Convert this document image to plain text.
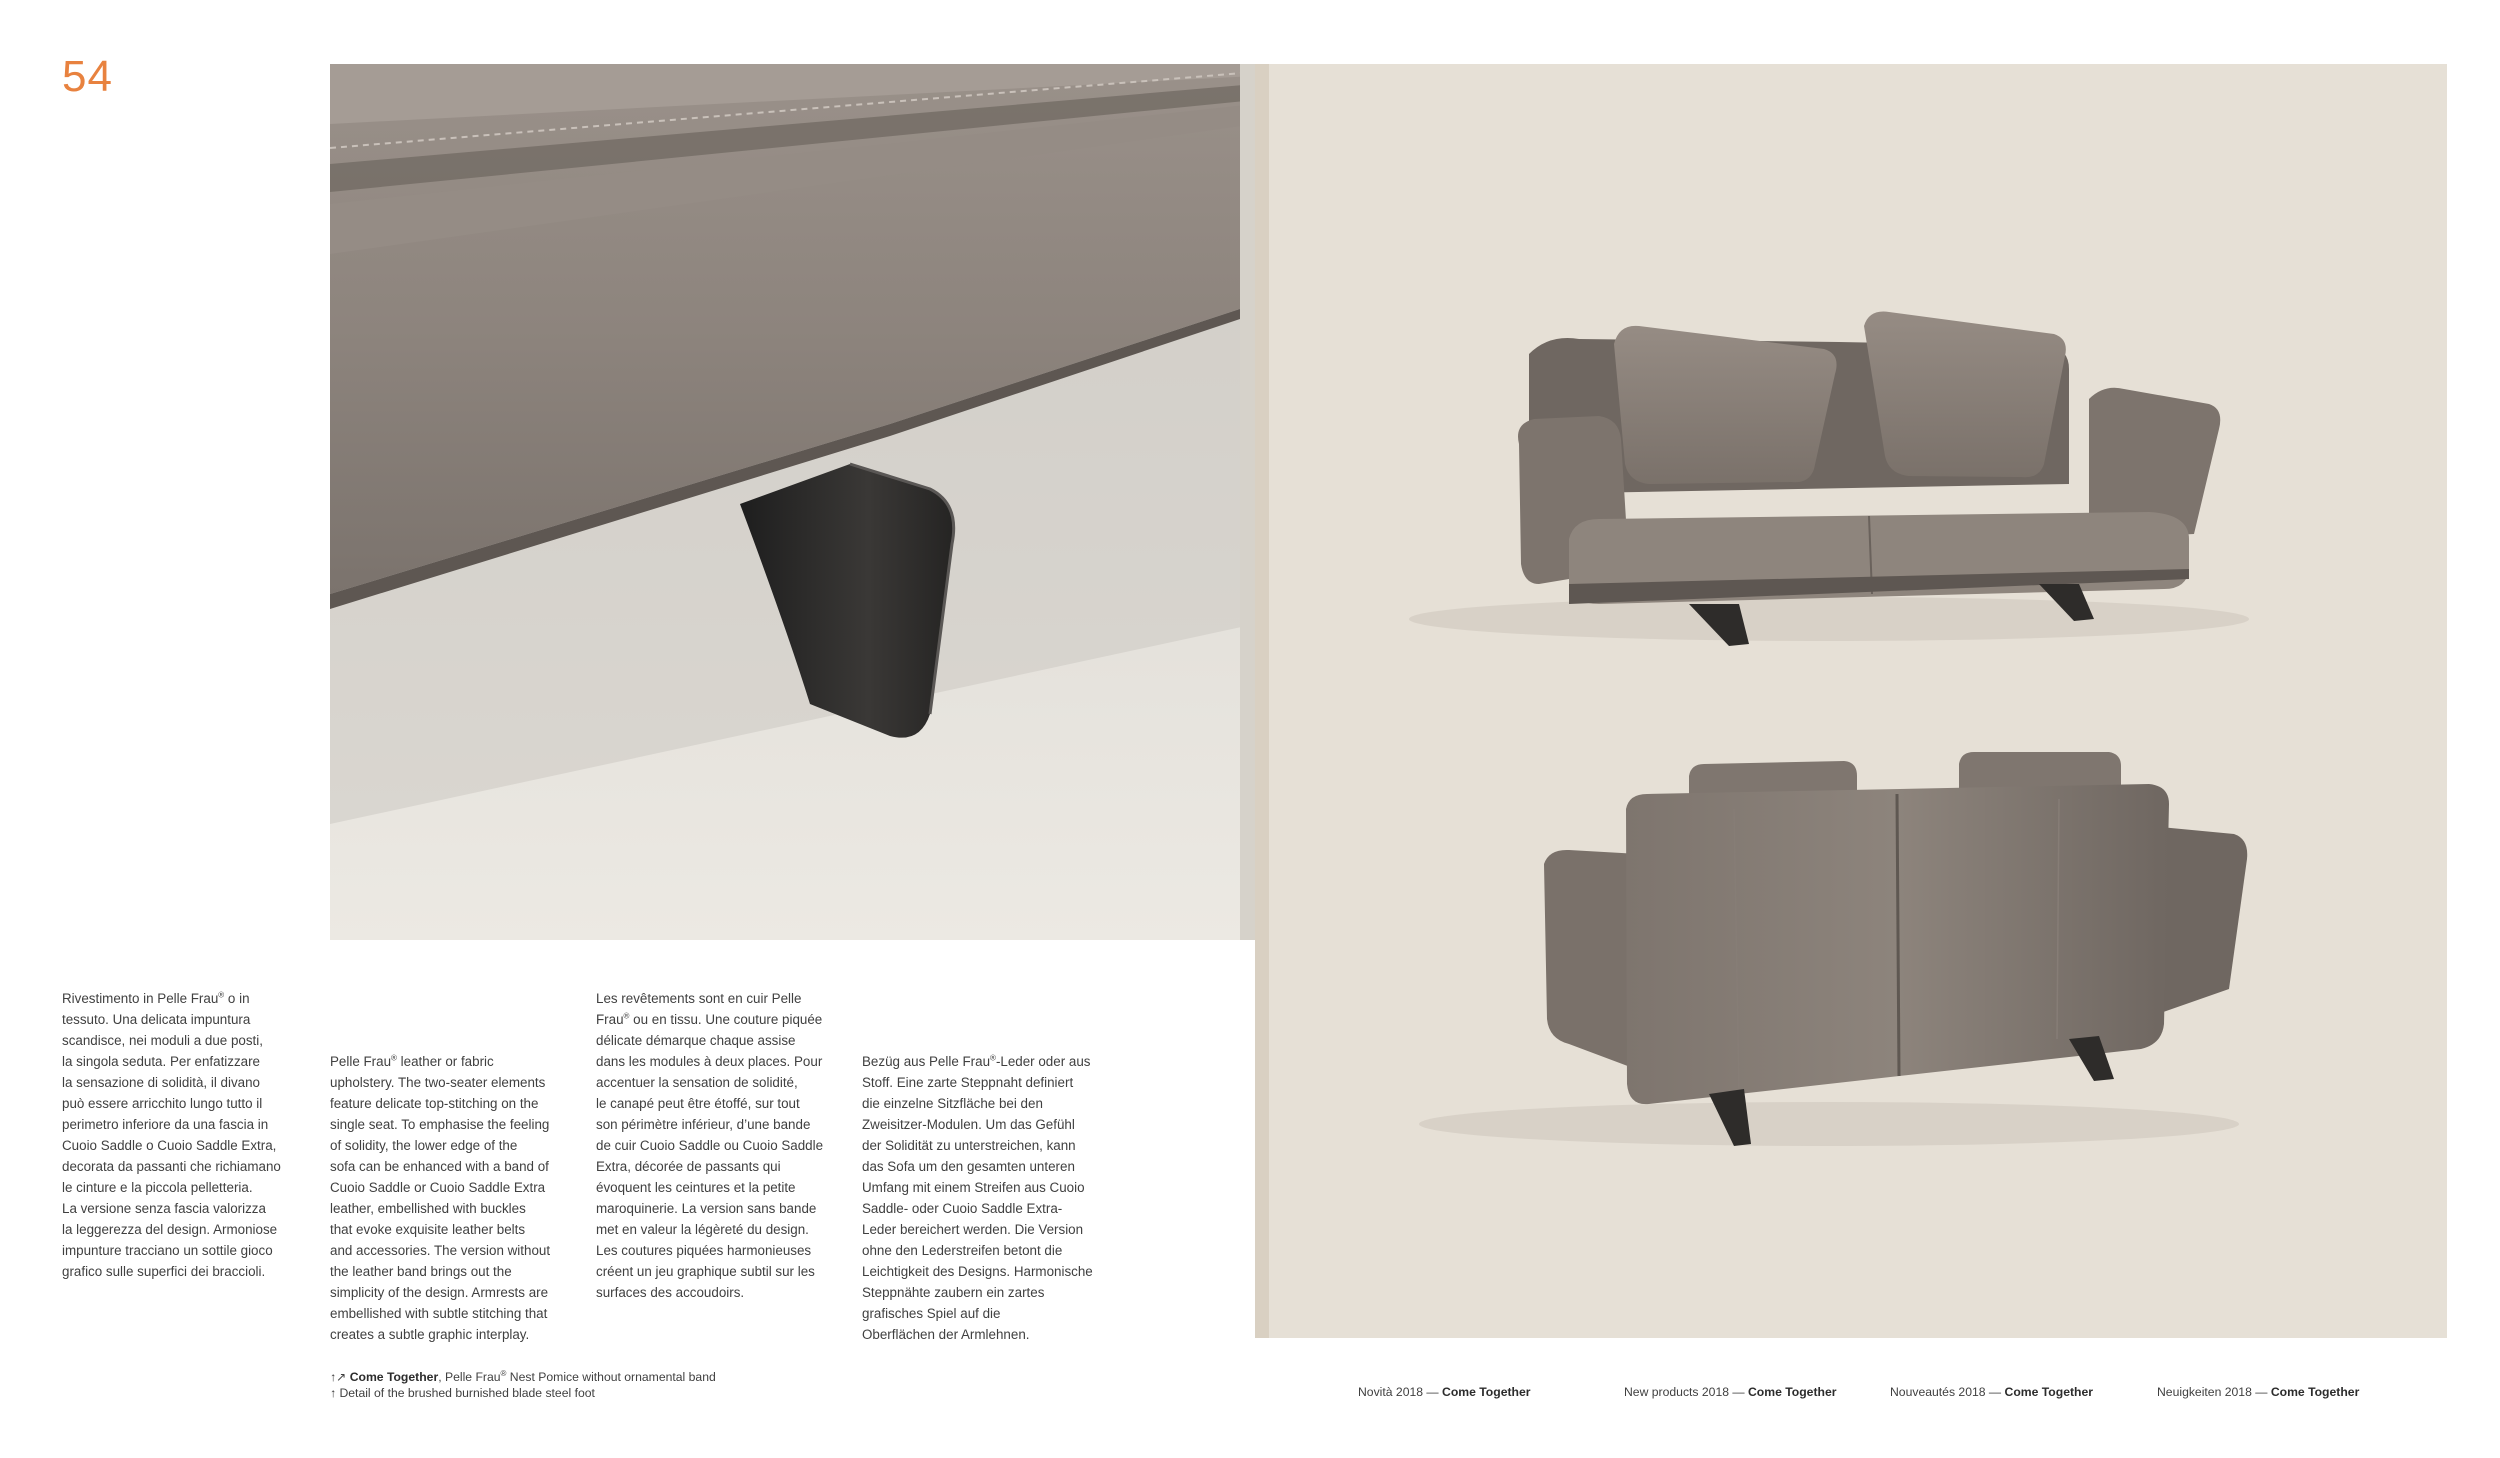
54
Rivestimento in Pelle Frau® o in
tessuto. Una delicata impuntura
scandisce, nei moduli a due posti,
la singola seduta. Per enfatizzare
la sensazione di solidità, il divano
può essere arricchito lungo tutto il
perimetro inferiore da una fascia in
Cuoio Saddle o Cuoio Saddle Extra,
decorata da passanti che richiamano
le cinture e la piccola pelletteria.
La versione senza fascia valorizza
la leggerezza del design. Armoniose
impunture tracciano un sottile gioco
grafico sulle superfici dei braccioli.
Pelle Frau® leather or fabric
upholstery. The two-seater elements
feature delicate top-stitching on the
single seat. To emphasise the feeling
of solidity, the lower edge of the
sofa can be enhanced with a band of
Cuoio Saddle or Cuoio Saddle Extra
leather, embellished with buckles
that evoke exquisite leather belts
and accessories. The version without
the leather band brings out the
simplicity of the design. Armrests are
embellished with subtle stitching that
creates a subtle graphic interplay.
Les revêtements sont en cuir Pelle
Frau® ou en tissu. Une couture piquée
délicate démarque chaque assise
dans les modules à deux places. Pour
accentuer la sensation de solidité,
le canapé peut être étoffé, sur tout
son périmètre inférieur, d’une bande
de cuir Cuoio Saddle ou Cuoio Saddle
Extra, décorée de passants qui
évoquent les ceintures et la petite
maroquinerie. La version sans bande
met en valeur la légèreté du design.
Les coutures piquées harmonieuses
créent un jeu graphique subtil sur les
surfaces des accoudoirs.
Bezüg aus Pelle Frau®-Leder oder aus
Stoff. Eine zarte Steppnaht definiert
die einzelne Sitzfläche bei den
Zweisitzer-Modulen. Um das Gefühl
der Solidität zu unterstreichen, kann
das Sofa um den gesamten unteren
Umfang mit einem Streifen aus Cuoio
Saddle- oder Cuoio Saddle Extra-
Leder bereichert werden. Die Version
ohne den Lederstreifen betont die
Leichtigkeit des Designs. Harmonische
Steppnähte zaubern ein zartes
grafisches Spiel auf die
Oberflächen der Armlehnen.
↑↗ Come Together, Pelle Frau® Nest Pomice without ornamental band
↑ Detail of the brushed burnished blade steel foot	Novità 2018 — Come Together	New products 2018 — Come Together	Nouveautés 2018 — Come Together	Neuigkeiten 2018 — Come Together
